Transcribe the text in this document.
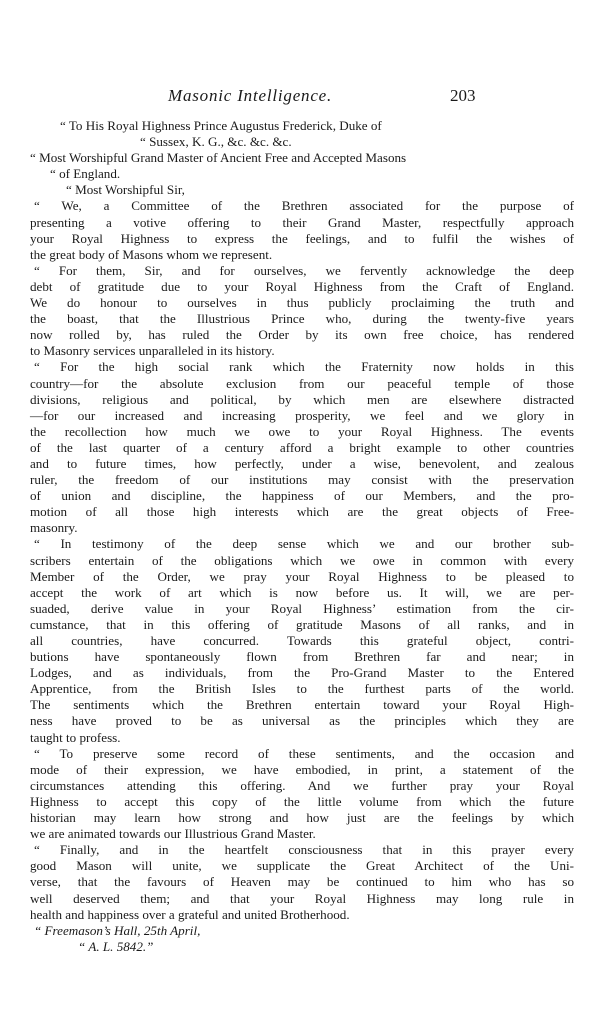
Masonic Intelligence.	203
“ To His Royal Highness Prince Augustus Frederick, Duke of
“ Sussex, K. G., &c. &c. &c.
“ Most Worshipful Grand Master of Ancient Free and Accepted Masons
“ of England.
“ Most Worshipful Sir,
“ We, a Committee of the Brethren associated for the purpose of
presenting a votive offering to their Grand Master, respectfully approach
your Royal Highness to express the feelings, and to fulfil the wishes of
the great body of Masons whom we represent.
“ For them, Sir, and for ourselves, we fervently acknowledge the deep
debt of gratitude due to your Royal Highness from the Craft of England.
We do honour to ourselves in thus publicly proclaiming the truth and
the boast, that the Illustrious Prince who, during the twenty-five years
now rolled by, has ruled the Order by its own free choice, has rendered
to Masonry services unparalleled in its history.
“ For the high social rank which the Fraternity now holds in this
country—for the absolute exclusion from our peaceful temple of those
divisions, religious and political, by which men are elsewhere distracted
—for our increased and increasing prosperity, we feel and we glory in
the recollection how much we owe to your Royal Highness. The events
of the last quarter of a century afford a bright example to other countries
and to future times, how perfectly, under a wise, benevolent, and zealous
ruler, the freedom of our institutions may consist with the preservation
of union and discipline, the happiness of our Members, and the pro-
motion of all those high interests which are the great objects of Free-
masonry.
“ In testimony of the deep sense which we and our brother sub-
scribers entertain of the obligations which we owe in common with every
Member of the Order, we pray your Royal Highness to be pleased to
accept the work of art which is now before us. It will, we are per-
suaded, derive value in your Royal Highness’ estimation from the cir-
cumstance, that in this offering of gratitude Masons of all ranks, and in
all countries, have concurred. Towards this grateful object, contri-
butions have spontaneously flown from Brethren far and near; in
Lodges, and as individuals, from the Pro-Grand Master to the Entered
Apprentice, from the British Isles to the furthest parts of the world.
The sentiments which the Brethren entertain toward your Royal High-
ness have proved to be as universal as the principles which they are
taught to profess.
“ To preserve some record of these sentiments, and the occasion and
mode of their expression, we have embodied, in print, a statement of the
circumstances attending this offering. And we further pray your Royal
Highness to accept this copy of the little volume from which the future
historian may learn how strong and how just are the feelings by which
we are animated towards our Illustrious Grand Master.
“ Finally, and in the heartfelt consciousness that in this prayer every
good Mason will unite, we supplicate the Great Architect of the Uni-
verse, that the favours of Heaven may be continued to him who has so
well deserved them; and that your Royal Highness may long rule in
health and happiness over a grateful and united Brotherhood.
“ Freemason’s Hall, 25th April,
“ A. L. 5842.”
